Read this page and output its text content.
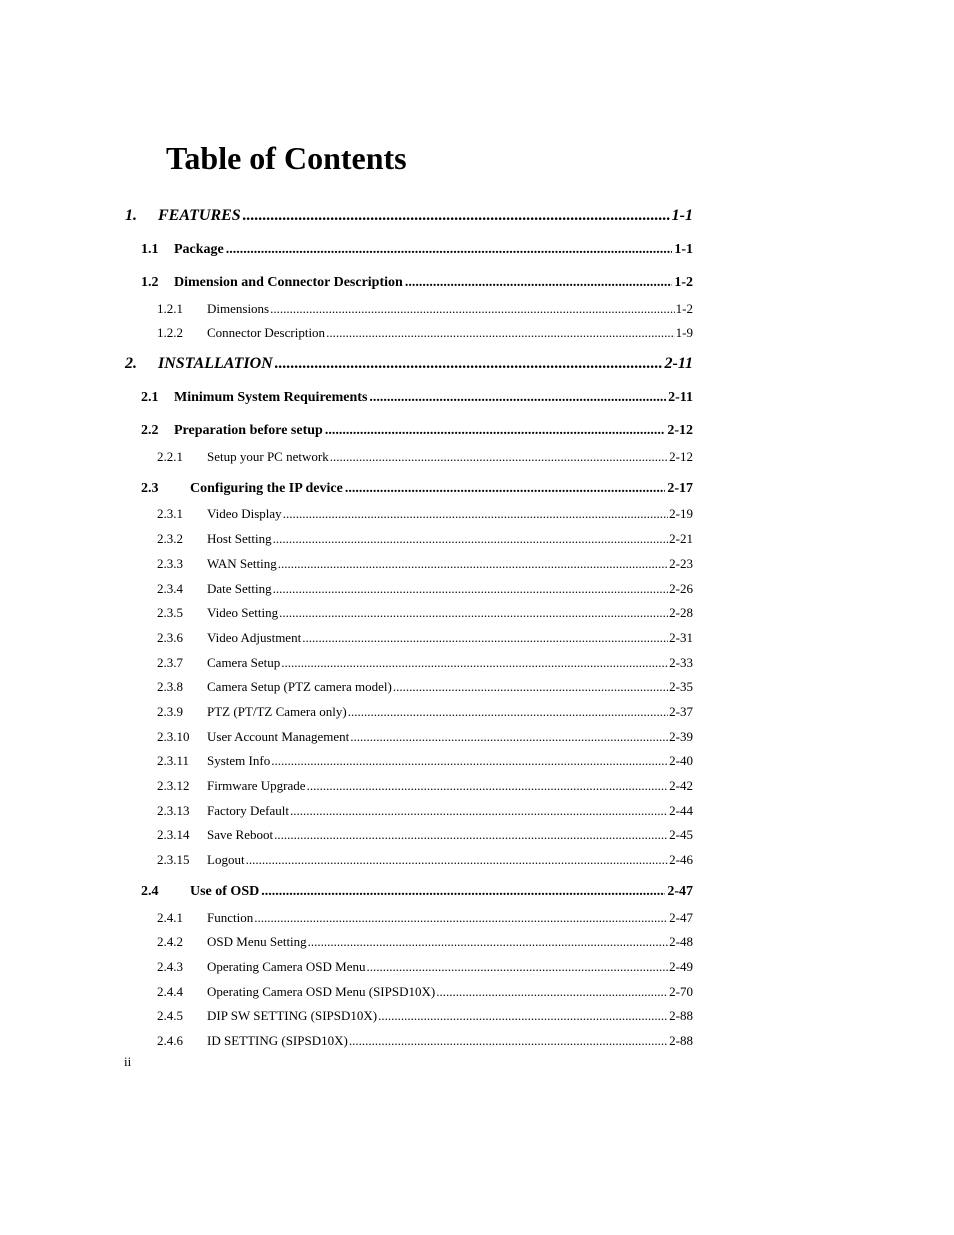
Table of Contents
1.	FEATURES .....	1-1
1.1	Package .....	1-1
1.2	Dimension and Connector Description .....	1-2
1.2.1	Dimensions .....	1-2
1.2.2	Connector Description .....	1-9
2.	INSTALLATION .....	2-11
2.1	Minimum System Requirements .....	2-11
2.2	Preparation before setup .....	2-12
2.2.1	Setup your PC network .....	2-12
2.3	Configuring the IP device .....	2-17
2.3.1	Video Display .....	2-19
2.3.2	Host Setting .....	2-21
2.3.3	WAN Setting .....	2-23
2.3.4	Date Setting .....	2-26
2.3.5	Video Setting .....	2-28
2.3.6	Video Adjustment .....	2-31
2.3.7	Camera Setup .....	2-33
2.3.8	Camera Setup (PTZ camera model) .....	2-35
2.3.9	PTZ (PT/TZ Camera only) .....	2-37
2.3.10	User Account Management .....	2-39
2.3.11	System Info .....	2-40
2.3.12	Firmware Upgrade .....	2-42
2.3.13	Factory Default .....	2-44
2.3.14	Save Reboot .....	2-45
2.3.15	Logout .....	2-46
2.4	Use of OSD .....	2-47
2.4.1	Function .....	2-47
2.4.2	OSD Menu Setting .....	2-48
2.4.3	Operating Camera OSD Menu .....	2-49
2.4.4	Operating Camera OSD Menu (SIPSD10X) .....	2-70
2.4.5	DIP SW SETTING (SIPSD10X) .....	2-88
2.4.6	ID SETTING (SIPSD10X) .....	2-88
ii
